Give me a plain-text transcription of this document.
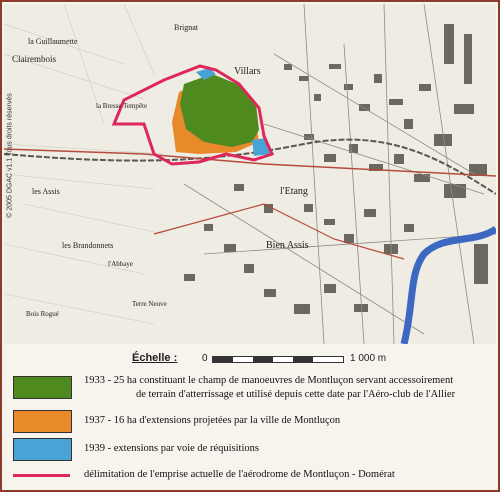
Brignat
la Guillaumette
Clairembois
Villars
la Bresse Tempête
l'Etang
les Assis
les Brandonnets
l'Abbaye
Bien Assis
Terre Neuve
Bois Rogué
© 2005 DGAC v1.1 Tous droits réservés
Échelle : 0	1 000 m
1933 - 25 ha constituant le champ de manoeuvres de Montluçon servant accessoirement
de terrain d'atterrissage et utilisé depuis cette date par l'Aéro-club de l'Allier
1937 - 16 ha d'extensions projetées par la ville de Montluçon
1939 - extensions par voie de réquisitions
délimitation de l'emprise actuelle de l'aérodrome de Montluçon - Domérat
